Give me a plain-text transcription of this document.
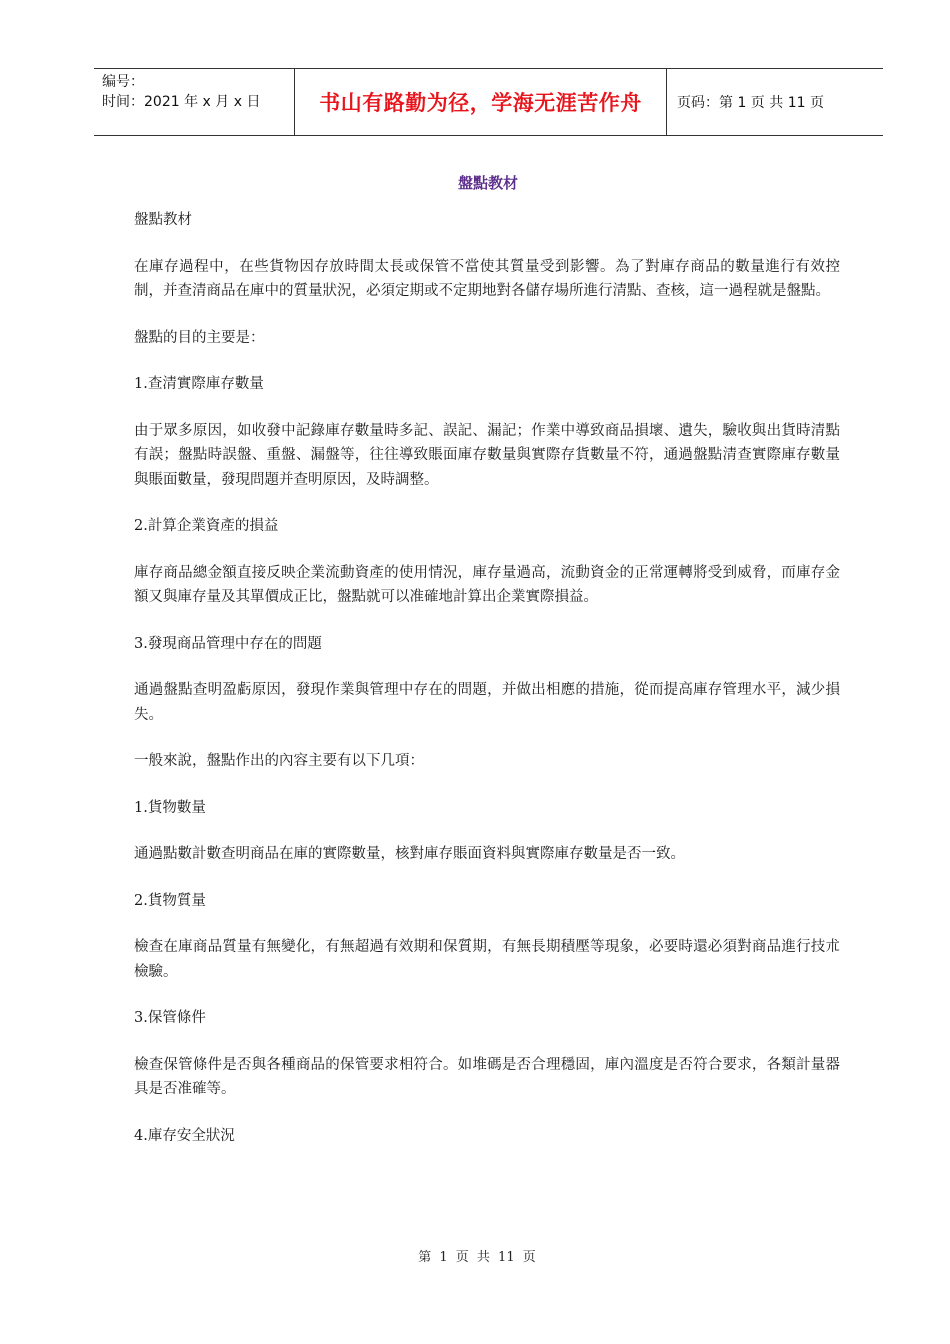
编号：
时间：2021 年 x 月 x 日	书山有路勤为径，学海无涯苦作舟	页码：第 1 页 共 11 页
盤點教材

盤點教材

在庫存過程中，在些貨物因存放時間太長或保管不當使其質量受到影響。為了對庫存商品的數量進行有效控制，并查清商品在庫中的質量狀況，必須定期或不定期地對各儲存場所進行清點、查核，這一過程就是盤點。

盤點的目的主要是：

1.查清實際庫存數量

由于眾多原因，如收發中記錄庫存數量時多記、誤記、漏記；作業中導致商品損壞、遺失，驗收與出貨時清點有誤；盤點時誤盤、重盤、漏盤等，往往導致賬面庫存數量與實際存貨數量不符，通過盤點清查實際庫存數量與賬面數量，發現問題并查明原因，及時調整。

2.計算企業資產的損益

庫存商品總金額直接反映企業流動資產的使用情況，庫存量過高，流動資金的正常運轉將受到威脅，而庫存金額又與庫存量及其單價成正比，盤點就可以准確地計算出企業實際損益。

3.發現商品管理中存在的問題

通過盤點查明盈虧原因，發現作業與管理中存在的問題，并做出相應的措施，從而提高庫存管理水平，減少損失。

一般來說，盤點作出的內容主要有以下几項：

1.貨物數量

通過點數計數查明商品在庫的實際數量，核對庫存賬面資料與實際庫存數量是否一致。

2.貨物質量

檢查在庫商品質量有無變化，有無超過有效期和保質期，有無長期積壓等現象，必要時還必須對商品進行技朮檢驗。

3.保管條件

檢查保管條件是否與各種商品的保管要求相符合。如堆碼是否合理穩固，庫內溫度是否符合要求，各類計量器具是否准確等。

4.庫存安全狀況

第 1 页 共 11 页
